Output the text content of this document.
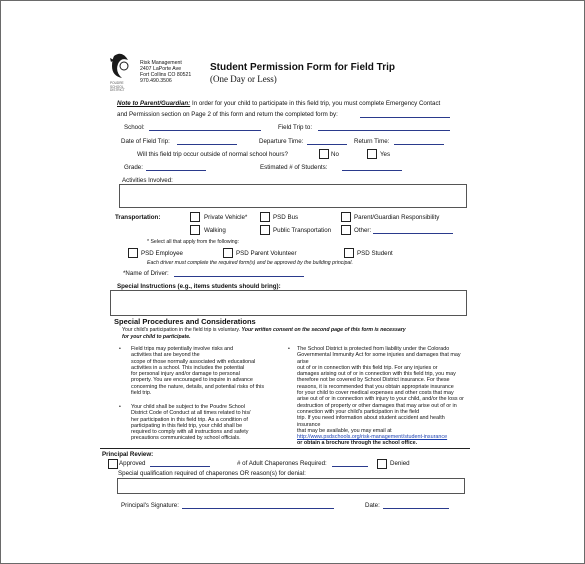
POUDRE
SCHOOL
DISTRICT
Risk Management
2407 LaPorte Ave
Fort Collins CO 80521
970.490.3506
Student Permission Form for Field Trip
(One Day or Less)
Note to Parent/Guardian: In order for your child to participate in this field trip, you must complete Emergency Contact
and Permission section on Page 2 of this form and return the completed form by:
School:	Field Trip to:
Date of Field Trip:	Departure Time:	Return Time:
Will this field trip occur outside of normal school hours?	No	Yes
Grade:	Estimated # of Students:
Activities Involved:
Transportation:	Private Vehicle*	PSD Bus	Parent/Guardian Responsibility
Walking	Public Transportation	Other:
* Select all that apply from the following:
PSD Employee	PSD Parent Volunteer	PSD Student
Each driver must complete the required form(s) and be approved by the building principal.
*Name of Driver:
Special Instructions (e.g., items students should bring):
Special Procedures and Considerations
Your child's participation in the field trip is voluntary. Your written consent on the second page of this form is necessary
for your child to participate.
• Field trips may potentially involve risks and
activities that are beyond the
scope of those normally associated with educational
activities in a school. This includes the potential
for personal injury and/or damage to personal
property. You are encouraged to inquire in advance
concerning the nature, details, and potential risks of this
field trip.
• Your child shall be subject to the Poudre School
District Code of Conduct at all times related to his/
her participation in this field trip. As a condition of
participating in this field trip, your child shall be
required to comply with all instructions and safety
precautions communicated by school officials.
• The School District is protected from liability under the Colorado
Governmental Immunity Act for some injuries and damages that may arise
out of or in connection with this field trip. For any injuries or
damages arising out of or in connection with this field trip, you may
therefore not be covered by School District insurance. For these
reasons, it is recommended that you obtain appropriate insurance
for your child to cover medical expenses and other costs that may
arise out of or in connection with injury to your child, and/or the loss or
destruction of property or other damages that may arise out of or in
connection with your child's participation in the field
trip. If you need information about student accident and health insurance
that may be available, you may email at
http://www.psdschools.org/risk-management/student-insurance
or obtain a brochure through the school office.
Principal Review:
Approved	# of Adult Chaperones Required:	Denied
Special qualification required of chaperones OR reason(s) for denial:
Principal's Signature:	Date:
